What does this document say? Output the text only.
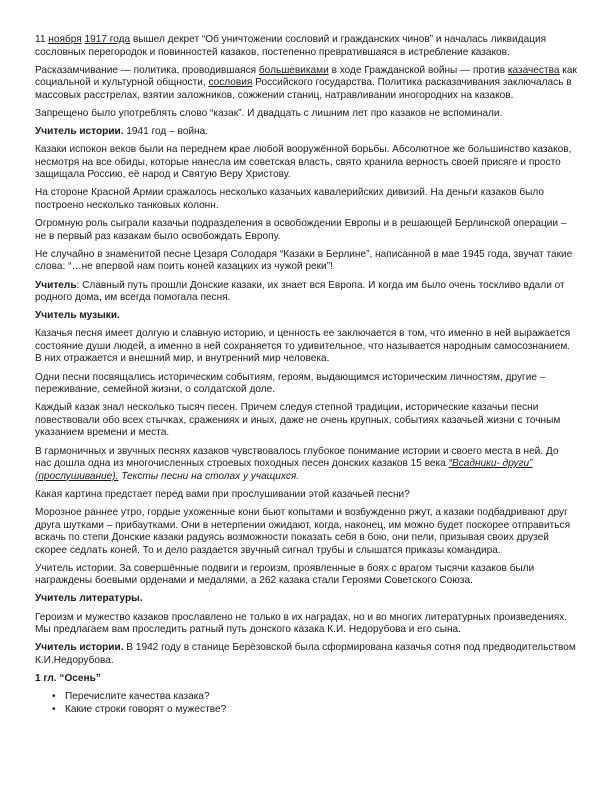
11 ноября 1917 года вышел декрет “Об уничтожении сословий и гражданских чинов” и началась ликвидация сословных перегородок и повинностей казаков, постепенно превратившаяся в истребление казаков.

Расказамчивание — политика, проводившаяся большевиками в ходе Гражданской войны — против казачества как социальной и культурной общности, сословия Российского государства. Политика расказачивания заключалась в массовых расстрелах, взятии заложников, сожжении станиц, натравливании иногородних на казаков.

Запрещено было употреблять слово “казак”. И двадцать с лишним лет про казаков не вспоминали.

Учитель истории. 1941 год – война.

Казаки испокон веков были на переднем крае любой вооружённой борьбы. Абсолютное же большинство казаков, несмотря на все обиды, которые нанесла им советская власть, свято хранила верность своей присяге и просто защищала Россию, её народ и Святую Веру Христову.

На стороне Красной Армии сражалось несколько казачьих кавалерийских дивизий. На деньги казаков было построено несколько танковых колонн.

Огромную роль сыграли казачьи подразделения в освобождении Европы и в решающей Берлинской операции – не в первый раз казакам было освобождать Европу.

Не случайно в знаменитой песне Цезаря Солодаря “Казаки в Берлине”, написанной в мае 1945 года, звучат такие слова: “…не впервой нам поить коней казацких из чужой реки”!

Учитель: Славный путь прошли Донские казаки, их знает вся Европа. И когда им было очень тоскливо вдали от родного дома, им всегда помогала песня.

Учитель музыки.

Казачья песня имеет долгую и славную историю, и ценность ее заключается в том, что именно в ней выражается состояние души людей, а именно в ней сохраняется то удивительное, что называется народным самосознанием. В них отражается и внешний мир, и внутренний мир человека.

Одни песни посвящались историческим событиям, героям, выдающимся историческим личностям, другие – переживание, семейной жизни, о солдатской доле.

Каждый казак знал несколько тысяч песен. Причем следуя степной традиции, исторические казачьи песни повествовали обо всех стычках, сражениях и иных, даже не очень крупных, событиях казачьей жизни с точным указанием времени и места.

В гармоничных и звучных песнях казаков чувствовалось глубокое понимание истории и своего места в ней. До нас дошла одна из многочисленных строевых походных песен донских казаков 15 века “Всадники- други” (прослушивание). Тексты песни на столах у учащихся.

Какая картина предстает перед вами при прослушивании этой казачьей песни?

Морозное раннее утро, гордые ухоженные кони бьют копытами и возбужденно ржут, а казаки подбадривают друг друга шутками – прибаутками. Они в нетерпении ожидают, когда, наконец, им можно будет поскорее отправиться вскачь по степи Донские казаки радуясь возможности показать себя в бою, они пели, призывая своих друзей скорее седлать коней. То и дело раздается звучный сигнал трубы и слышатся приказы командира.

Учитель истории. За совершённые подвиги и героизм, проявленные в боях с врагом тысячи казаков были награждены боевыми орденами и медалями, а 262 казака стали Героями Советского Союза.

Учитель литературы.

Героизм и мужество казаков прославлено не только в их наградах, но и во многих литературных произведениях. Мы предлагаем вам проследить ратный путь донского казака К.И. Недорубова и его сына.

Учитель истории. В 1942 году в станице Берёзовской была сформирована казачья сотня под предводительством К.И.Недорубова.

1 гл. “Осень”

• Перечислите качества казака?
• Какие строки говорят о мужестве?
